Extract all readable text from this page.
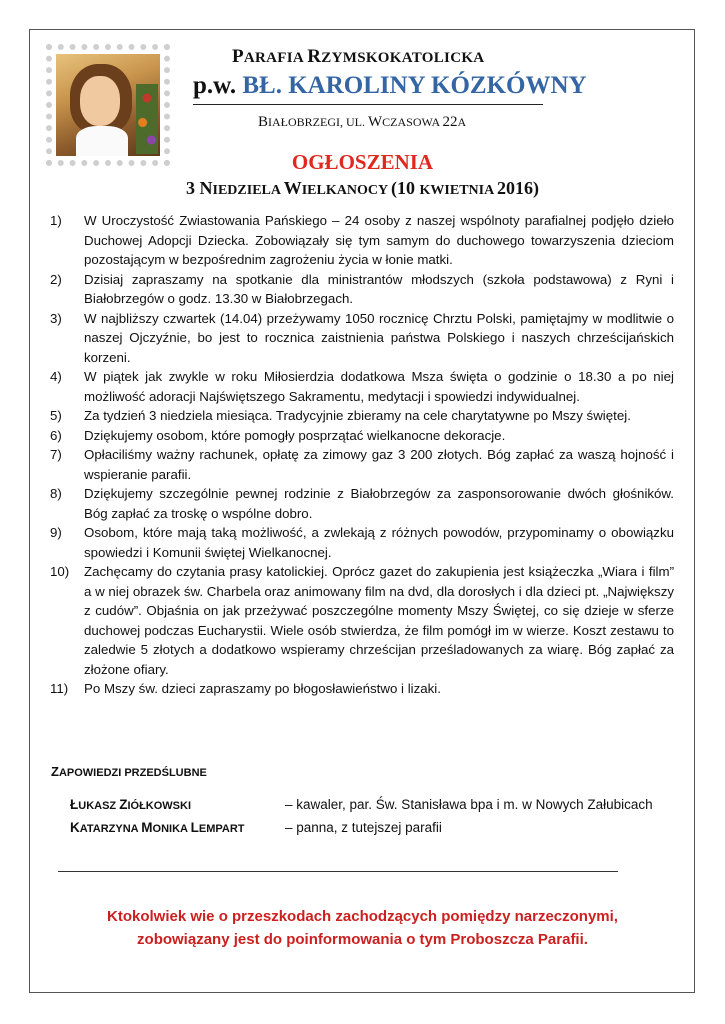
PARAFIA RZYMSKOKATOLICKA
p.w. BŁ. KAROLINY KÓZKÓWNY
BIAŁOBRZEGI, UL. WCZASOWA 22A
OGŁOSZENIA
3 NIEDZIELA WIELKANOCY (10 KWIETNIA 2016)
1)	W Uroczystość Zwiastowania Pańskiego – 24 osoby z naszej wspólnoty parafialnej podjęło dzieło Duchowej Adopcji Dziecka. Zobowiązały się tym samym do duchowego towarzyszenia dzieciom pozostającym w bezpośrednim zagrożeniu życia w łonie matki.
2)	Dzisiaj zapraszamy na spotkanie dla ministrantów młodszych (szkoła podstawowa) z Ryni i Białobrzegów o godz. 13.30 w Białobrzegach.
3)	W najbliższy czwartek (14.04) przeżywamy 1050 rocznicę Chrztu Polski, pamiętajmy w modlitwie o naszej Ojczyźnie, bo jest to rocznica zaistnienia państwa Polskiego i naszych chrześcijańskich korzeni.
4)	W piątek jak zwykle w roku Miłosierdzia dodatkowa Msza święta o godzinie o 18.30 a po niej możliwość adoracji Najświętszego Sakramentu, medytacji i spowiedzi indywidualnej.
5)	Za tydzień 3 niedziela miesiąca. Tradycyjnie zbieramy na cele charytatywne po Mszy świętej.
6)	Dziękujemy osobom, które pomogły posprzątać wielkanocne dekoracje.
7)	Opłaciliśmy ważny rachunek, opłatę za zimowy gaz 3 200 złotych. Bóg zapłać za waszą hojność i wspieranie parafii.
8)	Dziękujemy szczególnie pewnej rodzinie z Białobrzegów za zasponsorowanie dwóch głośników. Bóg zapłać za troskę o wspólne dobro.
9)	Osobom, które mają taką możliwość, a zwlekają z różnych powodów, przypominamy o obowiązku spowiedzi i Komunii świętej Wielkanocnej.
10)	Zachęcamy do czytania prasy katolickiej. Oprócz gazet do zakupienia jest książeczka „Wiara i film” a w niej obrazek św. Charbela oraz animowany film na dvd, dla dorosłych i dla dzieci pt. „Największy z cudów”. Objaśnia on jak przeżywać poszczególne momenty Mszy Świętej, co się dzieje w sferze duchowej podczas Eucharystii. Wiele osób stwierdza, że film pomógł im w wierze. Koszt zestawu to zaledwie 5 złotych a dodatkowo wspieramy chrześcijan prześladowanych za wiarę. Bóg zapłać za złożone ofiary.
11)	Po Mszy św. dzieci zapraszamy po błogosławieństwo i lizaki.
ZAPOWIEDZI PRZEDŚLUBNE
ŁUKASZ ZIÓŁKOWSKI	– kawaler, par. Św. Stanisława bpa i m. w Nowych Załubicach
KATARZYNA MONIKA LEMPART	– panna, z tutejszej parafii
Ktokolwiek wie o przeszkodach zachodzących pomiędzy narzeczonymi,
zobowiązany jest do poinformowania o tym Proboszcza Parafii.
